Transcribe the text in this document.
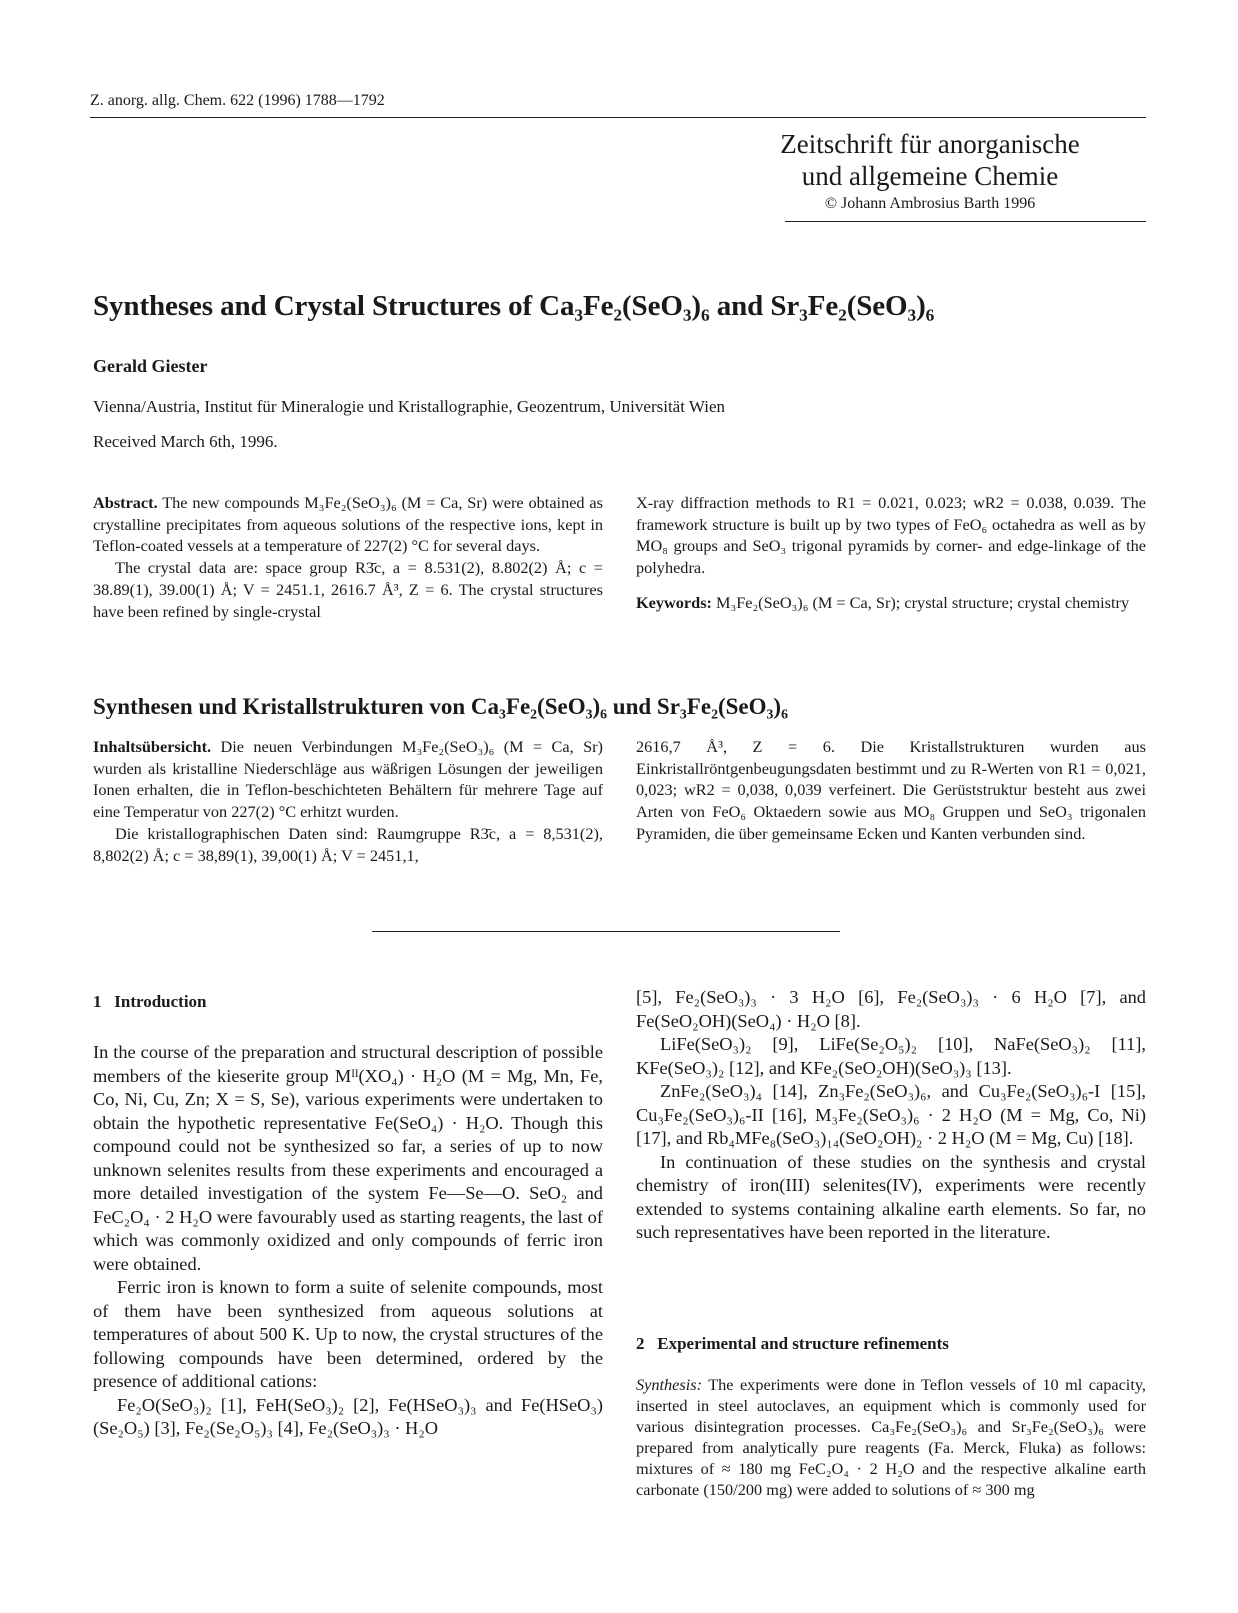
Z. anorg. allg. Chem. 622 (1996) 1788—1792
Zeitschrift für anorganische
und allgemeine Chemie
© Johann Ambrosius Barth 1996
Syntheses and Crystal Structures of Ca₃Fe₂(SeO₃)₆ and Sr₃Fe₂(SeO₃)₆
Gerald Giester
Vienna/Austria, Institut für Mineralogie und Kristallographie, Geozentrum, Universität Wien
Received March 6th, 1996.

Abstract. The new compounds M₃Fe₂(SeO₃)₆ (M = Ca, Sr) were obtained as crystalline precipitates from aqueous solutions of the respective ions, kept in Teflon-coated vessels at a temperature of 227(2) °C for several days.

The crystal data are: space group R3̄c, a = 8.531(2), 8.802(2) Å; c = 38.89(1), 39.00(1) Å; V = 2451.1, 2616.7 Å³, Z = 6. The crystal structures have been refined by single-crystal

X-ray diffraction methods to R1 = 0.021, 0.023; wR2 = 0.038, 0.039. The framework structure is built up by two types of FeO₆ octahedra as well as by MO₈ groups and SeO₃ trigonal pyramids by corner- and edge-linkage of the polyhedra.

Keywords: M₃Fe₂(SeO₃)₆ (M = Ca, Sr); crystal structure; crystal chemistry

Synthesen und Kristallstrukturen von Ca₃Fe₂(SeO₃)₆ und Sr₃Fe₂(SeO₃)₆

Inhaltsübersicht. Die neuen Verbindungen M₃Fe₂(SeO₃)₆ (M = Ca, Sr) wurden als kristalline Niederschläge aus wäßrigen Lösungen der jeweiligen Ionen erhalten, die in Teflon-beschichteten Behältern für mehrere Tage auf eine Temperatur von 227(2) °C erhitzt wurden.

Die kristallographischen Daten sind: Raumgruppe R3̄c, a = 8,531(2), 8,802(2) Å; c = 38,89(1), 39,00(1) Å; V = 2451,1,

2616,7 Å³, Z = 6. Die Kristallstrukturen wurden aus Einkristallröntgenbeugungsdaten bestimmt und zu R-Werten von R1 = 0,021, 0,023; wR2 = 0,038, 0,039 verfeinert. Die Gerüststruktur besteht aus zwei Arten von FeO₆ Oktaedern sowie aus MO₈ Gruppen und SeO₃ trigonalen Pyramiden, die über gemeinsame Ecken und Kanten verbunden sind.

1   Introduction

In the course of the preparation and structural description of possible members of the kieserite group Mᴵᴵ(XO₄) · H₂O (M = Mg, Mn, Fe, Co, Ni, Cu, Zn; X = S, Se), various experiments were undertaken to obtain the hypothetic representative Fe(SeO₄) · H₂O. Though this compound could not be synthesized so far, a series of up to now unknown selenites results from these experiments and encouraged a more detailed investigation of the system Fe—Se—O. SeO₂ and FeC₂O₄ · 2 H₂O were favourably used as starting reagents, the last of which was commonly oxidized and only compounds of ferric iron were obtained.

Ferric iron is known to form a suite of selenite compounds, most of them have been synthesized from aqueous solutions at temperatures of about 500 K. Up to now, the crystal structures of the following compounds have been determined, ordered by the presence of additional cations:

Fe₂O(SeO₃)₂ [1], FeH(SeO₃)₂ [2], Fe(HSeO₃)₃ and Fe(HSeO₃)(Se₂O₅) [3], Fe₂(Se₂O₅)₃ [4], Fe₂(SeO₃)₃ · H₂O

[5], Fe₂(SeO₃)₃ · 3 H₂O [6], Fe₂(SeO₃)₃ · 6 H₂O [7], and Fe(SeO₂OH)(SeO₄) · H₂O [8].

LiFe(SeO₃)₂ [9], LiFe(Se₂O₅)₂ [10], NaFe(SeO₃)₂ [11], KFe(SeO₃)₂ [12], and KFe₂(SeO₂OH)(SeO₃)₃ [13].

ZnFe₂(SeO₃)₄ [14], Zn₃Fe₂(SeO₃)₆, and Cu₃Fe₂(SeO₃)₆-I [15], Cu₃Fe₂(SeO₃)₆-II [16], M₃Fe₂(SeO₃)₆ · 2 H₂O (M = Mg, Co, Ni) [17], and Rb₄MFe₈(SeO₃)₁₄(SeO₂OH)₂ · 2 H₂O (M = Mg, Cu) [18].

In continuation of these studies on the synthesis and crystal chemistry of iron(III) selenites(IV), experiments were recently extended to systems containing alkaline earth elements. So far, no such representatives have been reported in the literature.

2   Experimental and structure refinements

Synthesis: The experiments were done in Teflon vessels of 10 ml capacity, inserted in steel autoclaves, an equipment which is commonly used for various disintegration processes. Ca₃Fe₂(SeO₃)₆ and Sr₃Fe₂(SeO₃)₆ were prepared from analytically pure reagents (Fa. Merck, Fluka) as follows: mixtures of ≈ 180 mg FeC₂O₄ · 2 H₂O and the respective alkaline earth carbonate (150/200 mg) were added to solutions of ≈ 300 mg
